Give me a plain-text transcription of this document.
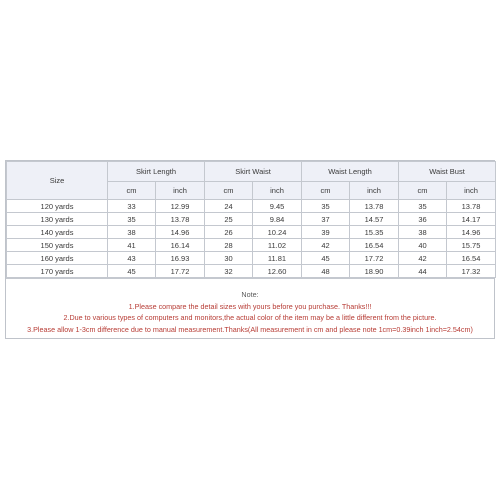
Size	Skirt Length		Skirt Waist		Waist Length		Waist Bust	
	cm	inch	cm	inch	cm	inch	cm	inch
120 yards	33	12.99	24	9.45	35	13.78	35	13.78
130 yards	35	13.78	25	9.84	37	14.57	36	14.17
140 yards	38	14.96	26	10.24	39	15.35	38	14.96
150 yards	41	16.14	28	11.02	42	16.54	40	15.75
160 yards	43	16.93	30	11.81	45	17.72	42	16.54
170 yards	45	17.72	32	12.60	48	18.90	44	17.32
Note:
1.Please compare the detail sizes with yours before you purchase. Thanks!!!
2.Due to various types of computers and monitors,the actual color of the item may be a little different from the picture.
3.Please allow 1-3cm difference due to manual measurement.Thanks(All measurement in cm and please note 1cm=0.39inch 1inch=2.54cm)
